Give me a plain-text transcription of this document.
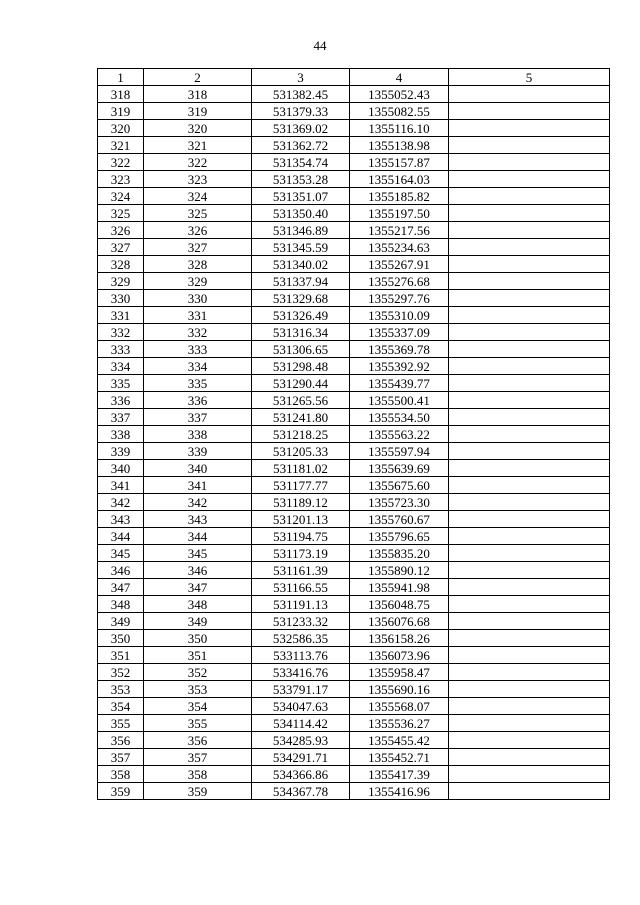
44
1	2	3	4	5
318	318	531382.45	1355052.43	
319	319	531379.33	1355082.55	
320	320	531369.02	1355116.10	
321	321	531362.72	1355138.98	
322	322	531354.74	1355157.87	
323	323	531353.28	1355164.03	
324	324	531351.07	1355185.82	
325	325	531350.40	1355197.50	
326	326	531346.89	1355217.56	
327	327	531345.59	1355234.63	
328	328	531340.02	1355267.91	
329	329	531337.94	1355276.68	
330	330	531329.68	1355297.76	
331	331	531326.49	1355310.09	
332	332	531316.34	1355337.09	
333	333	531306.65	1355369.78	
334	334	531298.48	1355392.92	
335	335	531290.44	1355439.77	
336	336	531265.56	1355500.41	
337	337	531241.80	1355534.50	
338	338	531218.25	1355563.22	
339	339	531205.33	1355597.94	
340	340	531181.02	1355639.69	
341	341	531177.77	1355675.60	
342	342	531189.12	1355723.30	
343	343	531201.13	1355760.67	
344	344	531194.75	1355796.65	
345	345	531173.19	1355835.20	
346	346	531161.39	1355890.12	
347	347	531166.55	1355941.98	
348	348	531191.13	1356048.75	
349	349	531233.32	1356076.68	
350	350	532586.35	1356158.26	
351	351	533113.76	1356073.96	
352	352	533416.76	1355958.47	
353	353	533791.17	1355690.16	
354	354	534047.63	1355568.07	
355	355	534114.42	1355536.27	
356	356	534285.93	1355455.42	
357	357	534291.71	1355452.71	
358	358	534366.86	1355417.39	
359	359	534367.78	1355416.96	
